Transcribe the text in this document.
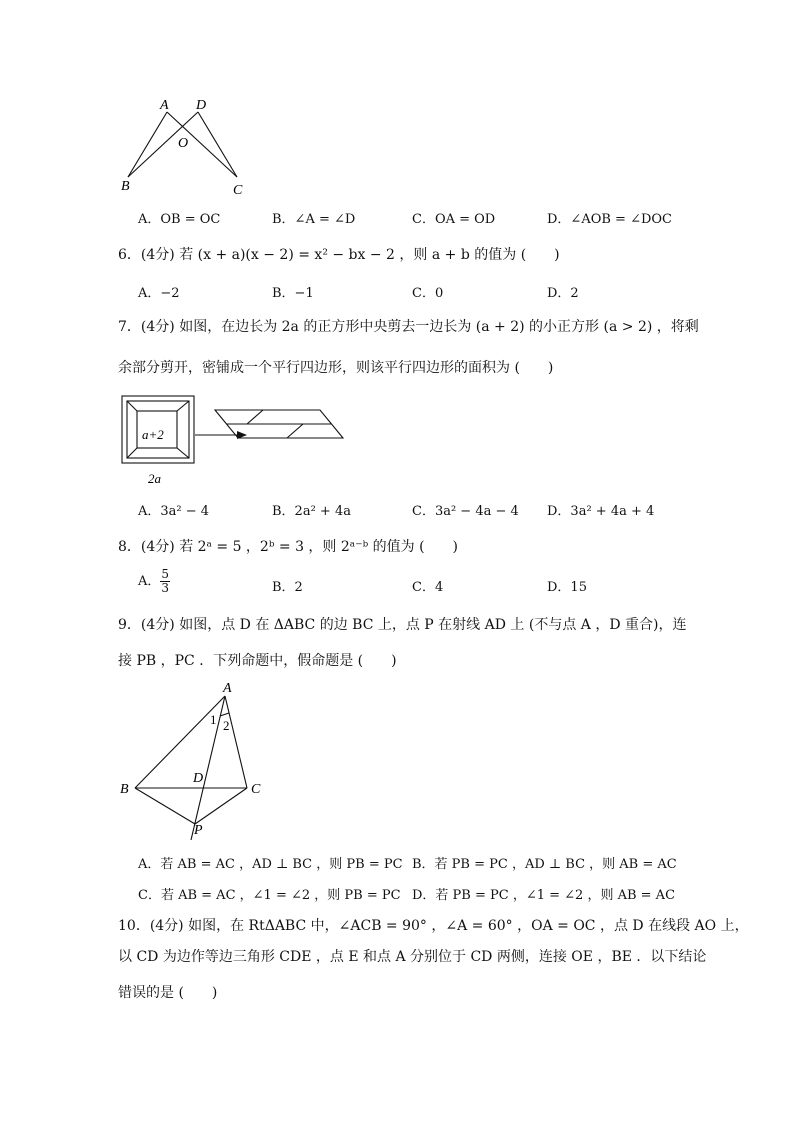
A D
O
B	C
A．OB = OC	B．∠A = ∠D	C．OA = OD	D．∠AOB = ∠DOC
6．(4分) 若 (x + a)(x − 2) = x² − bx − 2 ，则 a + b 的值为 (　　)
A．−2	B．−1	C．0	D．2
7．(4分) 如图，在边长为 2a 的正方形中央剪去一边长为 (a + 2) 的小正方形 (a > 2) ，将剩
余部分剪开，密铺成一个平行四边形，则该平行四边形的面积为 (　　)
a+2
2a
A．3a² − 4	B．2a² + 4a	C．3a² − 4a − 4 D．3a² + 4a + 4
8．(4分) 若 2ᵃ = 5 ，2ᵇ = 3 ，则 2ᵃ⁻ᵇ 的值为 (　　)
A． $\frac{5}{3}$	B．2	C．4	D．15
9．(4分) 如图，点 D 在 ΔABC 的边 BC 上，点 P 在射线 AD 上 (不与点 A ，D 重合)，连
接 PB ，PC ．下列命题中，假命题是 (　　)
A
1 2
B
D
C
P
A．若 AB = AC ，AD ⊥ BC ，则 PB = PC B．若 PB = PC ，AD ⊥ BC ，则 AB = AC
C．若 AB = AC ，∠1 = ∠2 ，则 PB = PC D．若 PB = PC ，∠1 = ∠2 ，则 AB = AC
10．(4分) 如图，在 RtΔABC 中，∠ACB = 90° ，∠A = 60° ，OA = OC ，点 D 在线段 AO 上，
以 CD 为边作等边三角形 CDE ，点 E 和点 A 分别位于 CD 两侧，连接 OE ，BE ．以下结论
错误的是 (　　)
